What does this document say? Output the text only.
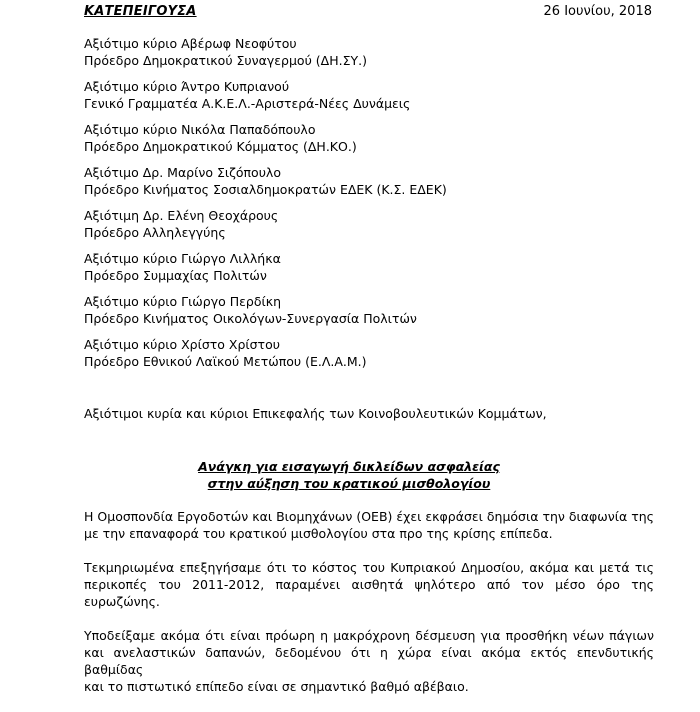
ΚΑΤΕΠΕΙΓΟΥΣΑ	26 Ιουνίου, 2018
Αξιότιμο κύριο Αβέρωφ Νεοφύτου
Πρόεδρο Δημοκρατικού Συναγερμού (ΔΗ.ΣΥ.)
Αξιότιμο κύριο Άντρο Κυπριανού
Γενικό Γραμματέα Α.Κ.Ε.Λ.-Αριστερά-Νέες Δυνάμεις
Αξιότιμο κύριο Νικόλα Παπαδόπουλο
Πρόεδρο Δημοκρατικού Κόμματος (ΔΗ.ΚΟ.)
Αξιότιμο Δρ. Μαρίνο Σιζόπουλο
Πρόεδρο Κινήματος Σοσιαλδημοκρατών ΕΔΕΚ (Κ.Σ. ΕΔΕΚ)
Αξιότιμη Δρ. Ελένη Θεοχάρους
Πρόεδρο Αλληλεγγύης
Αξιότιμο κύριο Γιώργο Λιλλήκα
Πρόεδρο Συμμαχίας Πολιτών
Αξιότιμο κύριο Γιώργο Περδίκη
Πρόεδρο Κινήματος Οικολόγων-Συνεργασία Πολιτών
Αξιότιμο κύριο Χρίστο Χρίστου
Πρόεδρο Εθνικού Λαϊκού Μετώπου (Ε.Λ.Α.Μ.)
Αξιότιμοι κυρία και κύριοι Επικεφαλής των Κοινοβουλευτικών Κομμάτων,
Ανάγκη για εισαγωγή δικλείδων ασφαλείας
στην αύξηση του κρατικού μισθολογίου

Η Ομοσπονδία Εργοδοτών και Βιομηχάνων (ΟΕΒ) έχει εκφράσει δημόσια την διαφωνία της
με την επαναφορά του κρατικού μισθολογίου στα προ της κρίσης επίπεδα.

Τεκμηριωμένα επεξηγήσαμε ότι το κόστος του Κυπριακού Δημοσίου, ακόμα και μετά τις
περικοπές του 2011-2012, παραμένει αισθητά ψηλότερο από τον μέσο όρο της
ευρωζώνης.

Υποδείξαμε ακόμα ότι είναι πρόωρη η μακρόχρονη δέσμευση για προσθήκη νέων πάγιων
και ανελαστικών δαπανών, δεδομένου ότι η χώρα είναι ακόμα εκτός επενδυτικής βαθμίδας
και το πιστωτικό επίπεδο είναι σε σημαντικό βαθμό αβέβαιο.
